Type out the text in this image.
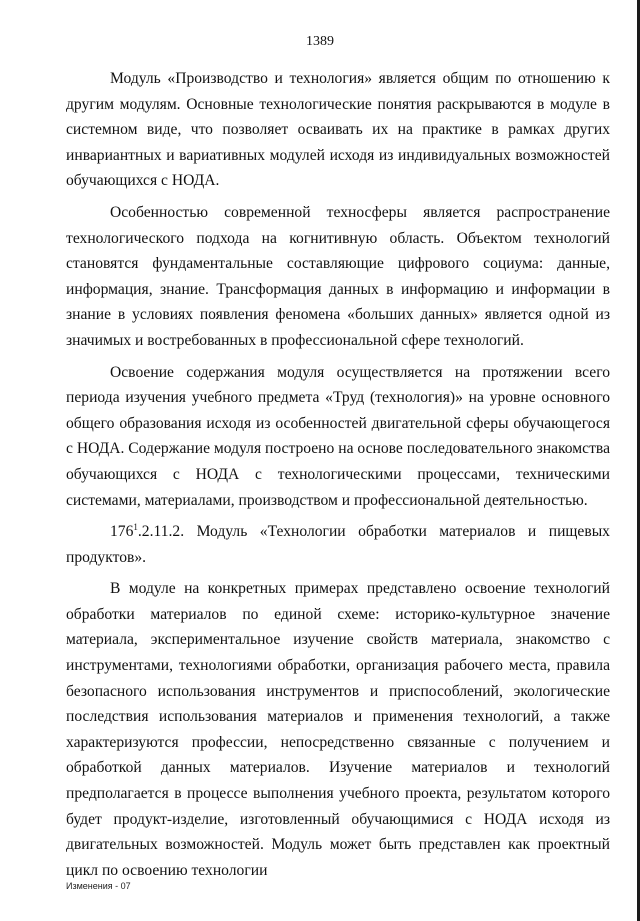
1389

Модуль «Производство и технология» является общим по отношению к другим модулям. Основные технологические понятия раскрываются в модуле в системном виде, что позволяет осваивать их на практике в рамках других инвариантных и вариативных модулей исходя из индивидуальных возможностей обучающихся с НОДА.

Особенностью современной техносферы является распространение технологического подхода на когнитивную область. Объектом технологий становятся фундаментальные составляющие цифрового социума: данные, информация, знание. Трансформация данных в информацию и информации в знание в условиях появления феномена «больших данных» является одной из значимых и востребованных в профессиональной сфере технологий.

Освоение содержания модуля осуществляется на протяжении всего периода изучения учебного предмета «Труд (технология)» на уровне основного общего образования исходя из особенностей двигательной сферы обучающегося с НОДА. Содержание модуля построено на основе последовательного знакомства обучающихся с НОДА с технологическими процессами, техническими системами, материалами, производством и профессиональной деятельностью.

$176^1.2.11.2$. Модуль «Технологии обработки материалов и пищевых продуктов».

В модуле на конкретных примерах представлено освоение технологий обработки материалов по единой схеме: историко-культурное значение материала, экспериментальное изучение свойств материала, знакомство с инструментами, технологиями обработки, организация рабочего места, правила безопасного использования инструментов и приспособлений, экологические последствия использования материалов и применения технологий, а также характеризуются профессии, непосредственно связанные с получением и обработкой данных материалов. Изучение материалов и технологий предполагается в процессе выполнения учебного проекта, результатом которого будет продукт-изделие, изготовленный обучающимися с НОДА исходя из двигательных возможностей. Модуль может быть представлен как проектный цикл по освоению технологии

Изменения - 07
